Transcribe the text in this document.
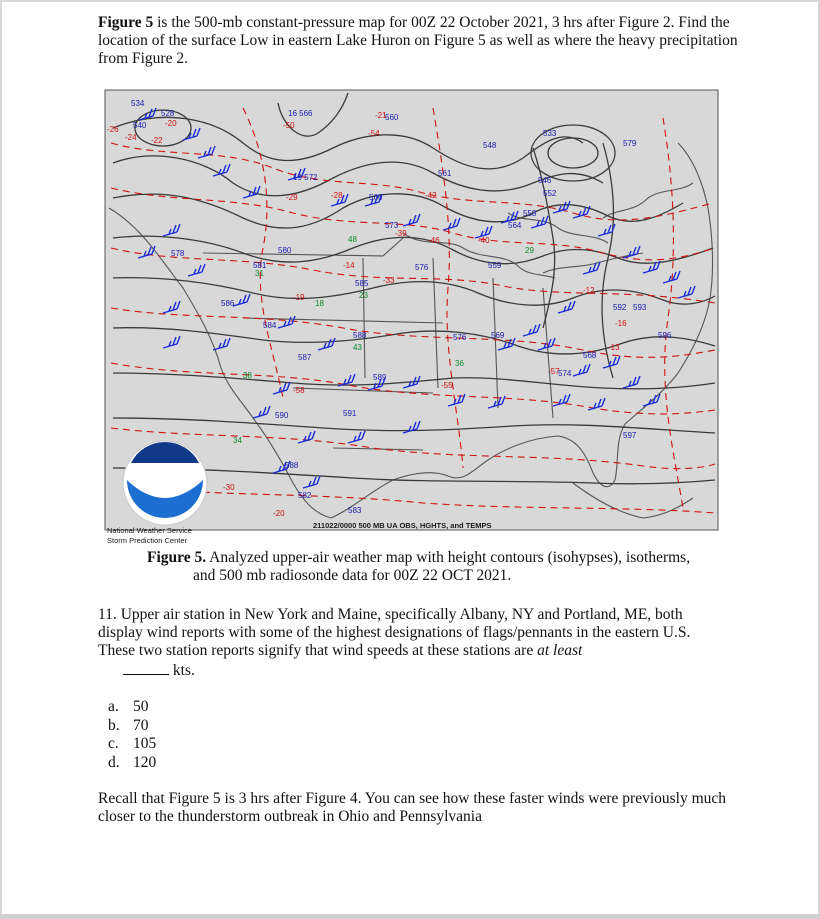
Figure 5 is the 500-mb constant-pressure map for 00Z 22 October 2021, 3 hrs after Figure 2. Find the location of the surface Low in eastern Lake Huron on Figure 5 as well as where the heavy precipitation from Figure 2.

534
528
540
16 566	560
548
533
546
552
558
564
19 572
566
573
576
578
581
580
585
586
584
588
587
589
590	591
588
582
583
576
574
569
568
559
561
579
592 593
596
597
-26
-24 -22
-20	-50
-54
-21
-29	-28	-42
-46	-40
-39
-19
-33
-14
-12
-13
-16
-58
-55
-57
-30
-20
38
34
36
43
48
23
18
31
29
NOAA
National Weather Service
Storm Prediction Center
211022/0000 500 MB UA OBS, HGHTS, and TEMPS

Figure 5. Analyzed upper-air weather map with height contours (isohypses), isotherms,
and 500 mb radiosonde data for 00Z 22 OCT 2021.

11. Upper air station in New York and Maine, specifically Albany, NY and Portland, ME, both display wind reports with some of the highest designations of flags/pennants in the eastern U.S. These two station reports signify that wind speeds at these stations are at least
kts.
a. 50
b. 70
c. 105
d. 120

Recall that Figure 5 is 3 hrs after Figure 4. You can see how these faster winds were previously much closer to the thunderstorm outbreak in Ohio and Pennsylvania
